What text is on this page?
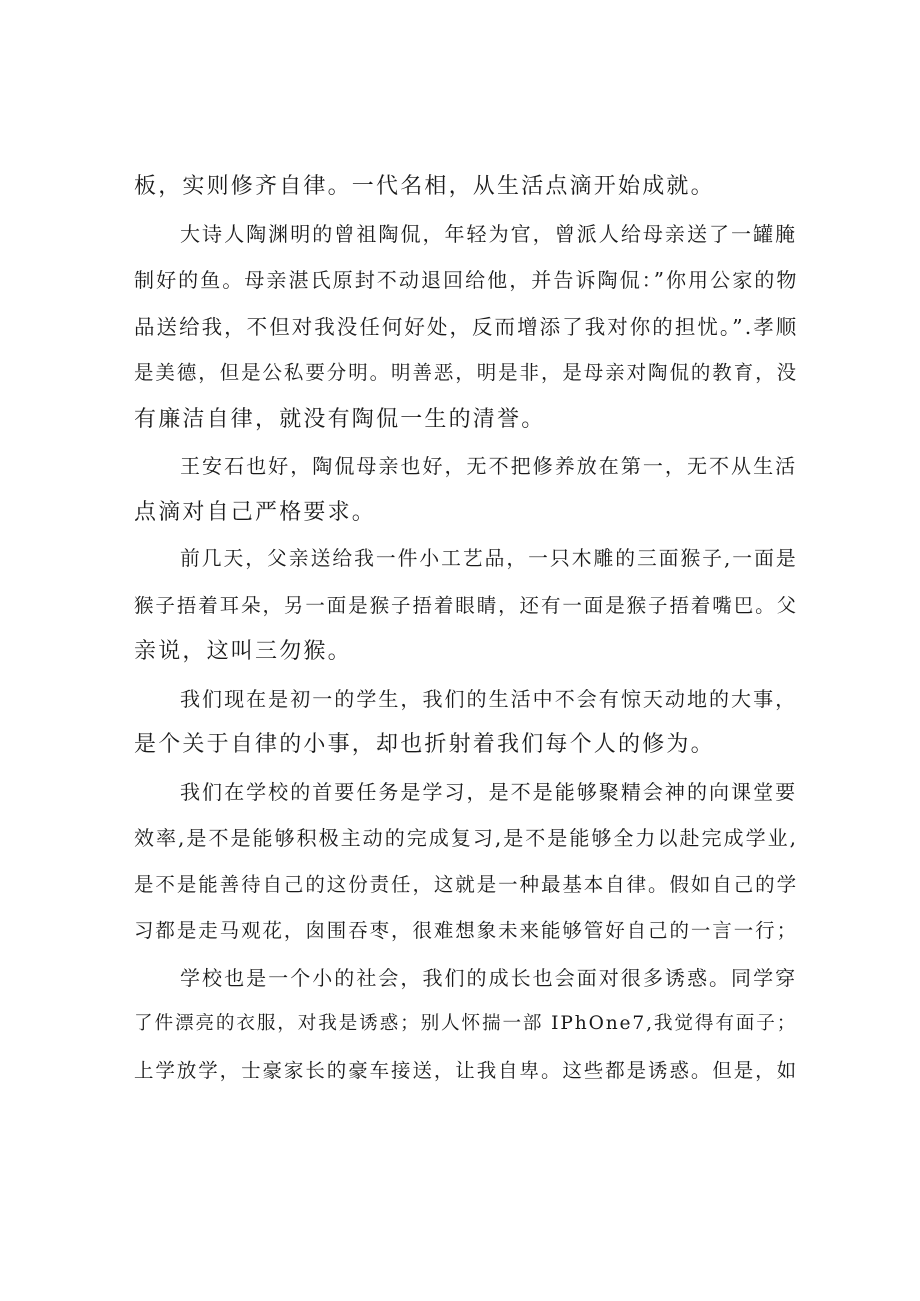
板，实则修齐自律。一代名相，从生活点滴开始成就。
大诗人陶渊明的曾祖陶侃，年轻为官，曾派人给母亲送了一罐腌
制好的鱼。母亲湛氏原封不动退回给他，并告诉陶侃：”你用公家的物
品送给我，不但对我没任何好处，反而增添了我对你的担忧。”.孝顺
是美德，但是公私要分明。明善恶，明是非，是母亲对陶侃的教育，没
有廉洁自律，就没有陶侃一生的清誉。
王安石也好，陶侃母亲也好，无不把修养放在第一，无不从生活
点滴对自己严格要求。
前几天，父亲送给我一件小工艺品，一只木雕的三面猴子,一面是
猴子捂着耳朵，另一面是猴子捂着眼睛，还有一面是猴子捂着嘴巴。父
亲说，这叫三勿猴。
我们现在是初一的学生，我们的生活中不会有惊天动地的大事，
是个关于自律的小事，却也折射着我们每个人的修为。
我们在学校的首要任务是学习，是不是能够聚精会神的向课堂要
效率,是不是能够积极主动的完成复习,是不是能够全力以赴完成学业,
是不是能善待自己的这份责任，这就是一种最基本自律。假如自己的学
习都是走马观花，囱围吞枣，很难想象未来能够管好自己的一言一行；
学校也是一个小的社会，我们的成长也会面对很多诱惑。同学穿
了件漂亮的衣服，对我是诱惑；别人怀揣一部 IPhOne7,我觉得有面子；
上学放学，士豪家长的豪车接送，让我自卑。这些都是诱惑。但是，如
